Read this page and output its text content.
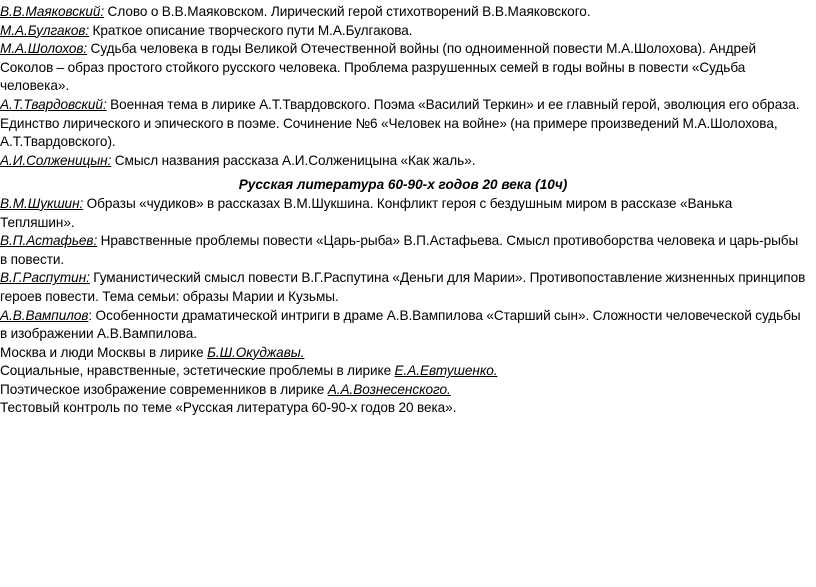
В.В.Маяковский: Слово о В.В.Маяковском. Лирический герой стихотворений В.В.Маяковского.

М.А.Булгаков: Краткое описание творческого пути М.А.Булгакова.

М.А.Шолохов: Судьба человека в годы Великой Отечественной войны (по одноименной повести М.А.Шолохова). Андрей Соколов – образ простого стойкого русского человека. Проблема разрушенных семей в годы войны в повести «Судьба человека».

А.Т.Твардовский: Военная тема в лирике А.Т.Твардовского. Поэма «Василий Теркин» и ее главный герой, эволюция его образа. Единство лирического и эпического в поэме. Сочинение №6 «Человек на войне» (на примере произведений М.А.Шолохова, А.Т.Твардовского).

А.И.Солженицын: Смысл названия рассказа А.И.Солженицына «Как жаль».

Русская литература 60-90-х годов 20 века (10ч)

В.М.Шукшин: Образы «чудиков» в рассказах В.М.Шукшина. Конфликт героя с бездушным миром в рассказе «Ванька Тепляшин».

В.П.Астафьев: Нравственные проблемы повести «Царь-рыба» В.П.Астафьева. Смысл противоборства человека и царь-рыбы в повести.

В.Г.Распутин: Гуманистический смысл повести В.Г.Распутина «Деньги для Марии». Противопоставление жизненных принципов героев повести. Тема семьи: образы Марии и Кузьмы.

А.В.Вампилов: Особенности драматической интриги в драме А.В.Вампилова «Старший сын». Сложности человеческой судьбы в изображении А.В.Вампилова.

Москва и люди Москвы в лирике Б.Ш.Окуджавы.

Социальные, нравственные, эстетические проблемы в лирике Е.А.Евтушенко.

Поэтическое изображение современников в лирике А.А.Вознесенского.

Тестовый контроль по теме «Русская литература 60-90-х годов 20 века».
